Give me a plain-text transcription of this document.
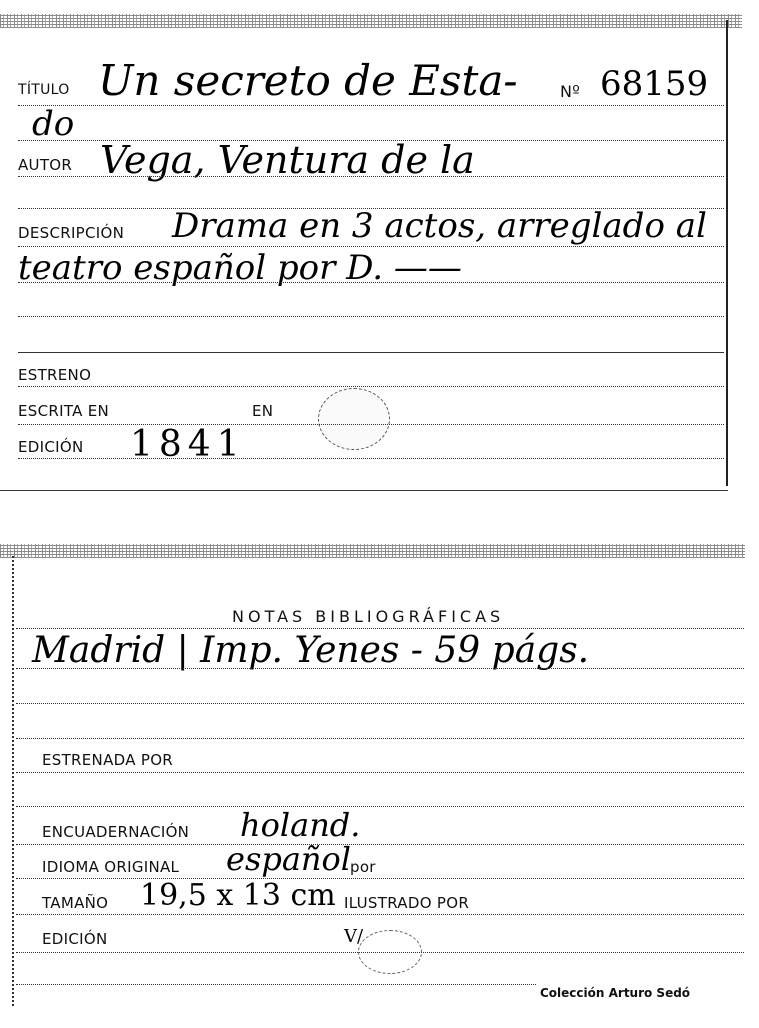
TÍTULO Un secreto de Esta-	Nº 68159
do
AUTOR Vega, Ventura de la
DESCRIPCIÓN Drama en 3 actos, arreglado al
teatro español por D. ——
ESTRENO
ESCRITA EN	EN
EDICIÓN 1841
NOTAS BIBLIOGRÁFICAS
Madrid | Imp. Yenes - 59 págs.
ESTRENADA POR
ENCUADERNACIÓN holand.
IDIOMA ORIGINAL español
por
TAMAÑO 19,5 x 13 cm ILUSTRADO POR
EDICIÓN	V/
Colección Arturo Sedó
